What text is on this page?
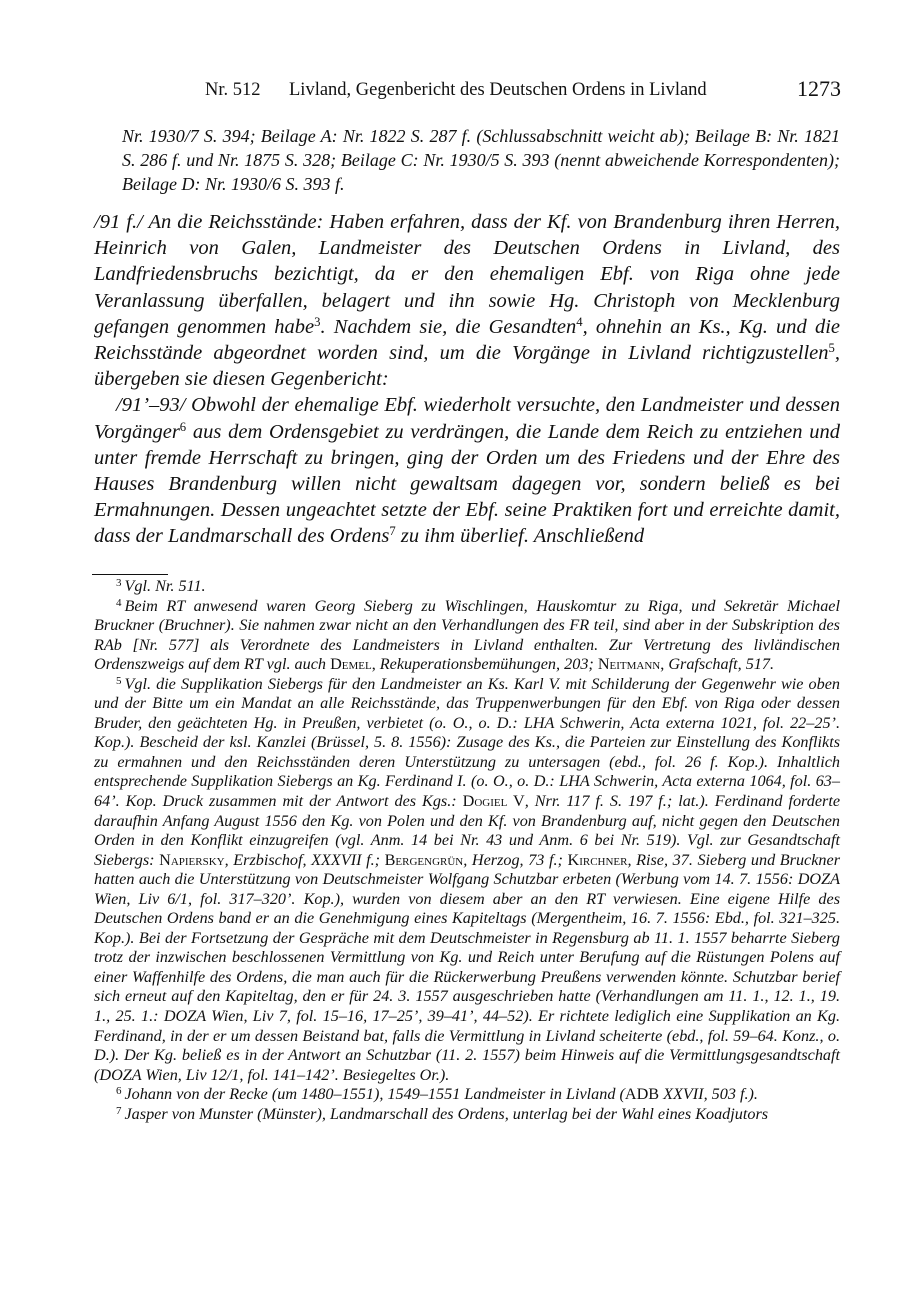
Nr. 512 Livland, Gegenbericht des Deutschen Ordens in Livland	1273

Nr. 1930/7 S. 394; Beilage A: Nr. 1822 S. 287 f. (Schlussabschnitt weicht ab); Beilage B: Nr. 1821 S. 286 f. und Nr. 1875 S. 328; Beilage C: Nr. 1930/5 S. 393 (nennt abweichende Korrespondenten); Beilage D: Nr. 1930/6 S. 393 f.

/91 f./ An die Reichsstände: Haben erfahren, dass der Kf. von Brandenburg ihren Herren, Heinrich von Galen, Landmeister des Deutschen Ordens in Livland, des Landfriedensbruchs bezichtigt, da er den ehemaligen Ebf. von Riga ohne jede Veranlassung überfallen, belagert und ihn sowie Hg. Christoph von Mecklenburg gefangen genommen habe$^3$. Nachdem sie, die Gesandten$^4$, ohnehin an Ks., Kg. und die Reichsstände abgeordnet worden sind, um die Vorgänge in Livland richtigzustellen$^5$, übergeben sie diesen Gegenbericht:

/91’–93/ Obwohl der ehemalige Ebf. wiederholt versuchte, den Landmeister und dessen Vorgänger$^6$ aus dem Ordensgebiet zu verdrängen, die Lande dem Reich zu entziehen und unter fremde Herrschaft zu bringen, ging der Orden um des Friedens und der Ehre des Hauses Brandenburg willen nicht gewaltsam dagegen vor, sondern beließ es bei Ermahnungen. Dessen ungeachtet setzte der Ebf. seine Praktiken fort und erreichte damit, dass der Landmarschall des Ordens$^7$ zu ihm überlief. Anschließend

$^3$ Vgl. Nr. 511.

$^4$ Beim RT anwesend waren Georg Sieberg zu Wischlingen, Hauskomtur zu Riga, und Sekretär Michael Bruckner (Bruchner). Sie nahmen zwar nicht an den Verhandlungen des FR teil, sind aber in der Subskription des RAb [Nr. 577] als Verordnete des Landmeisters in Livland enthalten. Zur Vertretung des livländischen Ordenszweigs auf dem RT vgl. auch Demel, Rekuperationsbemühungen, 203; Neitmann, Grafschaft, 517.

$^5$ Vgl. die Supplikation Siebergs für den Landmeister an Ks. Karl V. mit Schilderung der Gegenwehr wie oben und der Bitte um ein Mandat an alle Reichsstände, das Truppenwerbungen für den Ebf. von Riga oder dessen Bruder, den geächteten Hg. in Preußen, verbietet (o. O., o. D.: LHA Schwerin, Acta externa 1021, fol. 22–25’. Kop.). Bescheid der ksl. Kanzlei (Brüssel, 5. 8. 1556): Zusage des Ks., die Parteien zur Einstellung des Konflikts zu ermahnen und den Reichsständen deren Unterstützung zu untersagen (ebd., fol. 26 f. Kop.). Inhaltlich entsprechende Supplikation Siebergs an Kg. Ferdinand I. (o. O., o. D.: LHA Schwerin, Acta externa 1064, fol. 63–64’. Kop. Druck zusammen mit der Antwort des Kgs.: Dogiel V, Nrr. 117 f. S. 197 f.; lat.). Ferdinand forderte daraufhin Anfang August 1556 den Kg. von Polen und den Kf. von Brandenburg auf, nicht gegen den Deutschen Orden in den Konflikt einzugreifen (vgl. Anm. 14 bei Nr. 43 und Anm. 6 bei Nr. 519). Vgl. zur Gesandtschaft Siebergs: Napiersky, Erzbischof, XXXVII f.; Bergengrün, Herzog, 73 f.; Kirchner, Rise, 37. Sieberg und Bruckner hatten auch die Unterstützung von Deutschmeister Wolfgang Schutzbar erbeten (Werbung vom 14. 7. 1556: DOZA Wien, Liv 6/1, fol. 317–320’. Kop.), wurden von diesem aber an den RT verwiesen. Eine eigene Hilfe des Deutschen Ordens band er an die Genehmigung eines Kapiteltags (Mergentheim, 16. 7. 1556: Ebd., fol. 321–325. Kop.). Bei der Fortsetzung der Gespräche mit dem Deutschmeister in Regensburg ab 11. 1. 1557 beharrte Sieberg trotz der inzwischen beschlossenen Vermittlung von Kg. und Reich unter Berufung auf die Rüstungen Polens auf einer Waffenhilfe des Ordens, die man auch für die Rückerwerbung Preußens verwenden könnte. Schutzbar berief sich erneut auf den Kapiteltag, den er für 24. 3. 1557 ausgeschrieben hatte (Verhandlungen am 11. 1., 12. 1., 19. 1., 25. 1.: DOZA Wien, Liv 7, fol. 15–16, 17–25’, 39–41’, 44–52). Er richtete lediglich eine Supplikation an Kg. Ferdinand, in der er um dessen Beistand bat, falls die Vermittlung in Livland scheiterte (ebd., fol. 59–64. Konz., o. D.). Der Kg. beließ es in der Antwort an Schutzbar (11. 2. 1557) beim Hinweis auf die Vermittlungsgesandtschaft (DOZA Wien, Liv 12/1, fol. 141–142’. Besiegeltes Or.).

$^6$ Johann von der Recke (um 1480–1551), 1549–1551 Landmeister in Livland (ADB XXVII, 503 f.).

$^7$ Jasper von Munster (Münster), Landmarschall des Ordens, unterlag bei der Wahl eines Koadjutors
